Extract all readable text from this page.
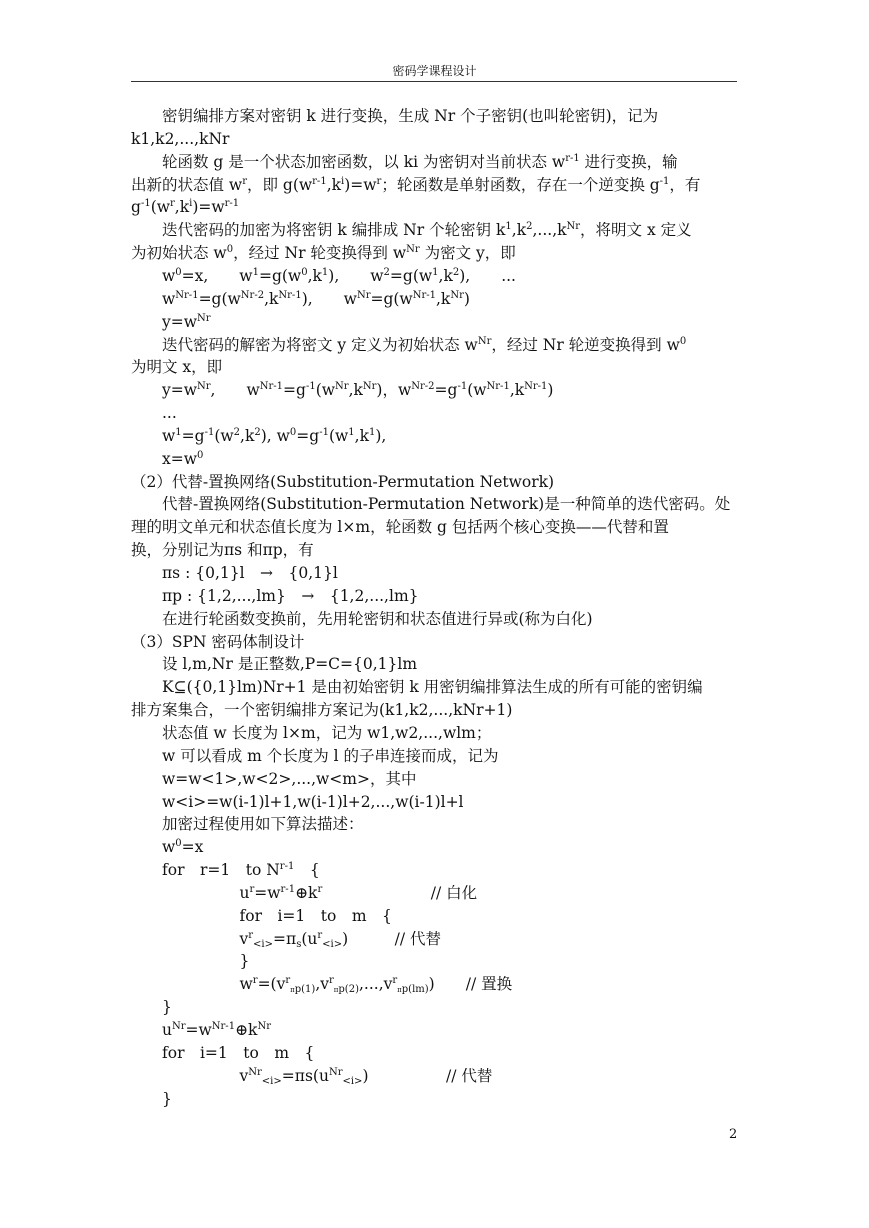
密码学课程设计
　　密钥编排方案对密钥 k 进行变换，生成 Nr 个子密钥(也叫轮密钥)，记为
k1,k2,...,kNr
　　轮函数 g 是一个状态加密函数，以 ki 为密钥对当前状态 $w^{r-1}$ 进行变换，输
出新的状态值 $w^r$，即 $g(w^{r-1},k^i)=w^r$；轮函数是单射函数，存在一个逆变换 $g^{-1}$，有
$g^{-1}(w^r,k^i)=w^{r-1}$
　　迭代密码的加密为将密钥 k 编排成 Nr 个轮密钥 $k^1,k^2,...,k^{Nr}$，将明文 x 定义
为初始状态 $w^0$，经过 Nr 轮变换得到 $w^{Nr}$ 为密文 y，即
　　$w^0=x$,　　$w^1=g(w^0,k^1)$,　　$w^2=g(w^1,k^2)$,　　...
　　$w^{Nr-1}=g(w^{Nr-2},k^{Nr-1})$,　　$w^{Nr}=g(w^{Nr-1},k^{Nr})$
　　$y=w^{Nr}$
　　迭代密码的解密为将密文 y 定义为初始状态 $w^{Nr}$，经过 Nr 轮逆变换得到 $w^0$
为明文 x，即
　　$y=w^{Nr}$,　　$w^{Nr-1}=g^{-1}(w^{Nr},k^{Nr})$，$w^{Nr-2}=g^{-1}(w^{Nr-1},k^{Nr-1})$
　　...
　　$w^1=g^{-1}(w^2,k^2)$, $w^0=g^{-1}(w^1,k^1)$,
　　$x=w^0$
（2）代替-置换网络(Substitution-Permutation Network)
　　代替-置换网络(Substitution-Permutation Network)是一种简单的迭代密码。处
理的明文单元和状态值长度为 l×m，轮函数 g 包括两个核心变换——代替和置
换，分别记为πs 和πp，有
　　πs : {0,1}l　→　{0,1}l
　　πp : {1,2,...,lm}　→　{1,2,...,lm}
　　在进行轮函数变换前，先用轮密钥和状态值进行异或(称为白化)
（3）SPN 密码体制设计
　　设 l,m,Nr 是正整数,P=C={0,1}lm
　　K⊆({0,1}lm)Nr+1 是由初始密钥 k 用密钥编排算法生成的所有可能的密钥编
排方案集合，一个密钥编排方案记为(k1,k2,...,kNr+1)
　　状态值 w 长度为 l×m，记为 w1,w2,...,wlm；
　　w 可以看成 m 个长度为 l 的子串连接而成，记为
　　w=w<1>,w<2>,...,w<m>，其中
　　w<i>=w(i-1)l+1,w(i-1)l+2,...,w(i-1)l+l
　　加密过程使用如下算法描述：
　　$w^0=x$
　　for　r=1　to $N^{r-1}$　{
　　　　　　　$u^r=w^{r-1}\oplus k^r$　　　　　　　// 白化
　　　　　　　for　i=1　to　m　{
　　　　　　　$v^r_{<i>}=\pi_s(u^r_{<i>})$　　　// 代替
　　　　　　　}
　　　　　　　$w^r=(v^r\pi_{p(1)},v^r\pi_{p(2)},...,v^r\pi_{p(lm)})$　　// 置换
　　}
　　$u^{Nr}=w^{Nr-1}\oplus k^{Nr}$
　　for　i=1　to　m　{
　　　　　　　$v^{Nr}_{<i>}=\pi s(u^{Nr}_{<i>})$　　　　　// 代替
　　}
2
